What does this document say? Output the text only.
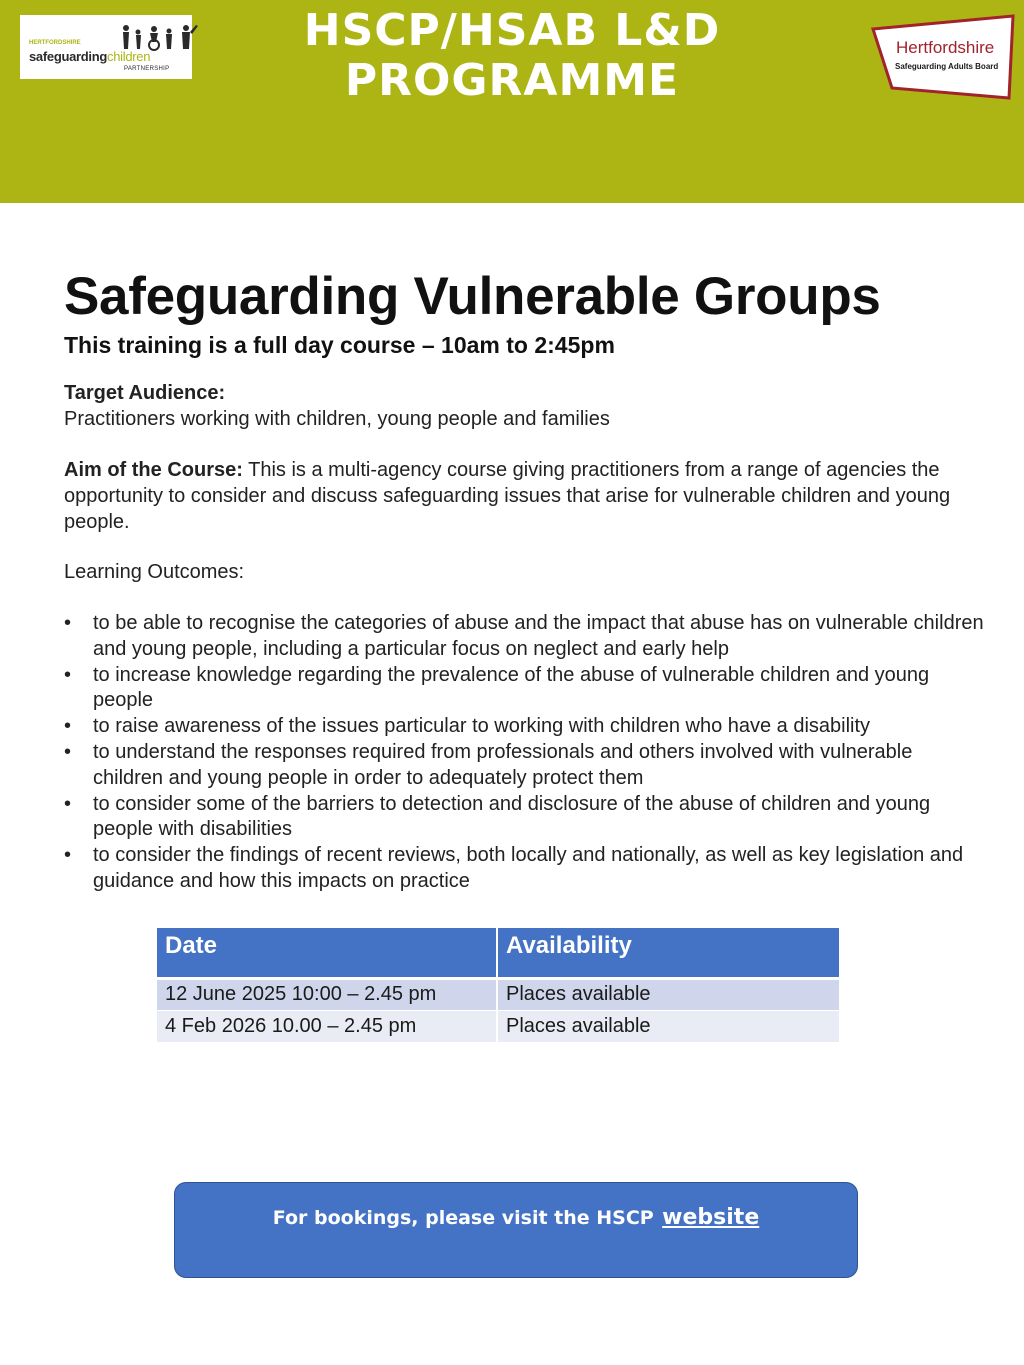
HSCP/HSAB L&D PROGRAMME
HERTFORDSHIRE
safeguardingchildren
PARTNERSHIP
Hertfordshire
Safeguarding Adults Board
Safeguarding Vulnerable Groups
This training is a full day course – 10am to 2:45pm
Target Audience:
Practitioners working with children, young people and families
Aim of the Course: This is a multi-agency course giving practitioners from a range of agencies the opportunity to consider and discuss safeguarding issues that arise for vulnerable children and young people.
Learning Outcomes:
• to be able to recognise the categories of abuse and the impact that abuse has on vulnerable children and young people, including a particular focus on neglect and early help
• to increase knowledge regarding the prevalence of the abuse of vulnerable children and young people
• to raise awareness of the issues particular to working with children who have a disability
• to understand the responses required from professionals and others involved with vulnerable children and young people in order to adequately protect them
• to consider some of the barriers to detection and disclosure of the abuse of children and young people with disabilities
• to consider the findings of recent reviews, both locally and nationally, as well as key legislation and guidance and how this impacts on practice
Date	Availability
12 June 2025 10:00 – 2.45 pm	Places available
4 Feb 2026 10.00 – 2.45 pm	Places available
For bookings, please visit the HSCP website
